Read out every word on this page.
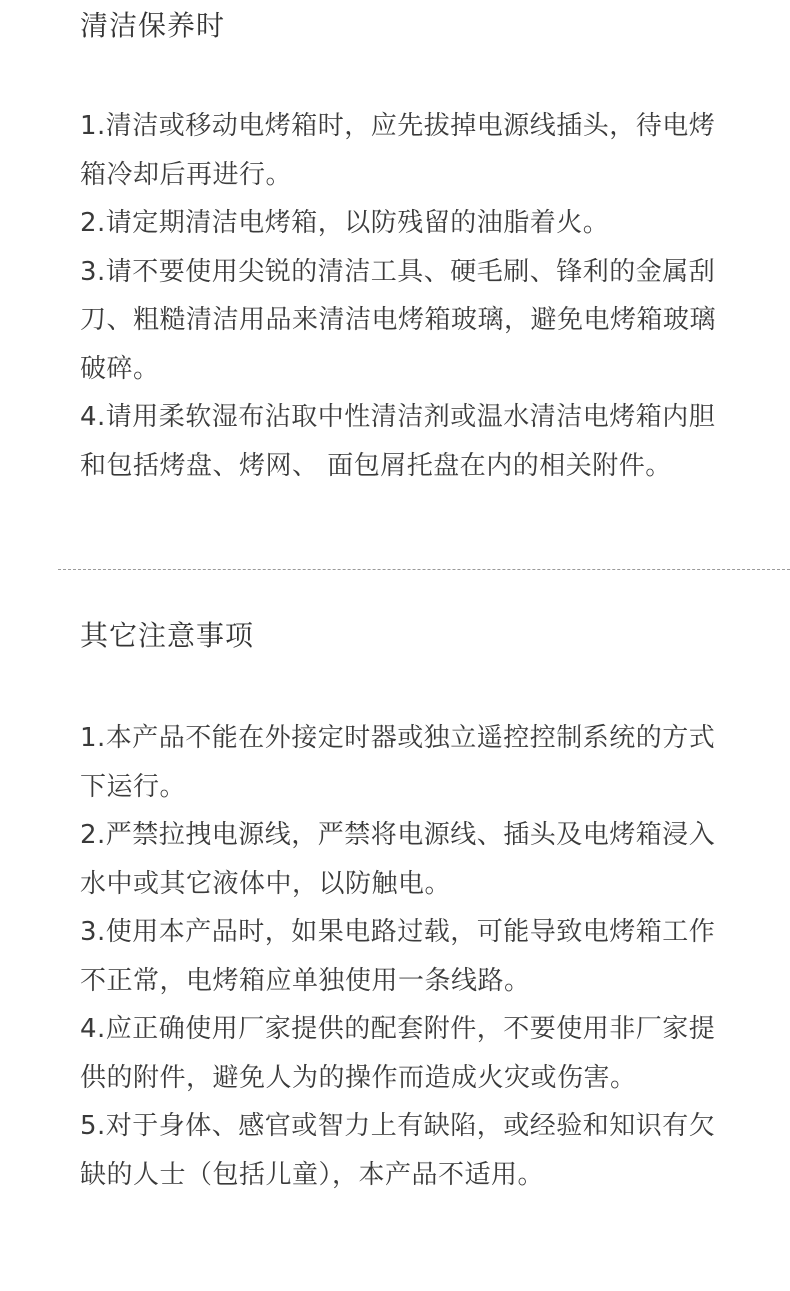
清洁保养时

1.清洁或移动电烤箱时，应先拔掉电源线插头，待电烤箱冷却后再进行。

2.请定期清洁电烤箱，以防残留的油脂着火。

3.请不要使用尖锐的清洁工具、硬毛刷、锋利的金属刮刀、粗糙清洁用品来清洁电烤箱玻璃，避免电烤箱玻璃破碎。

4.请用柔软湿布沾取中性清洁剂或温水清洁电烤箱内胆和包括烤盘、烤网、 面包屑托盘在内的相关附件。

其它注意事项

1.本产品不能在外接定时器或独立遥控控制系统的方式下运行。

2.严禁拉拽电源线，严禁将电源线、插头及电烤箱浸入水中或其它液体中，以防触电。

3.使用本产品时，如果电路过载，可能导致电烤箱工作不正常，电烤箱应单独使用一条线路。

4.应正确使用厂家提供的配套附件，不要使用非厂家提供的附件，避免人为的操作而造成火灾或伤害。

5.对于身体、感官或智力上有缺陷，或经验和知识有欠缺的人士（包括儿童），本产品不适用。
